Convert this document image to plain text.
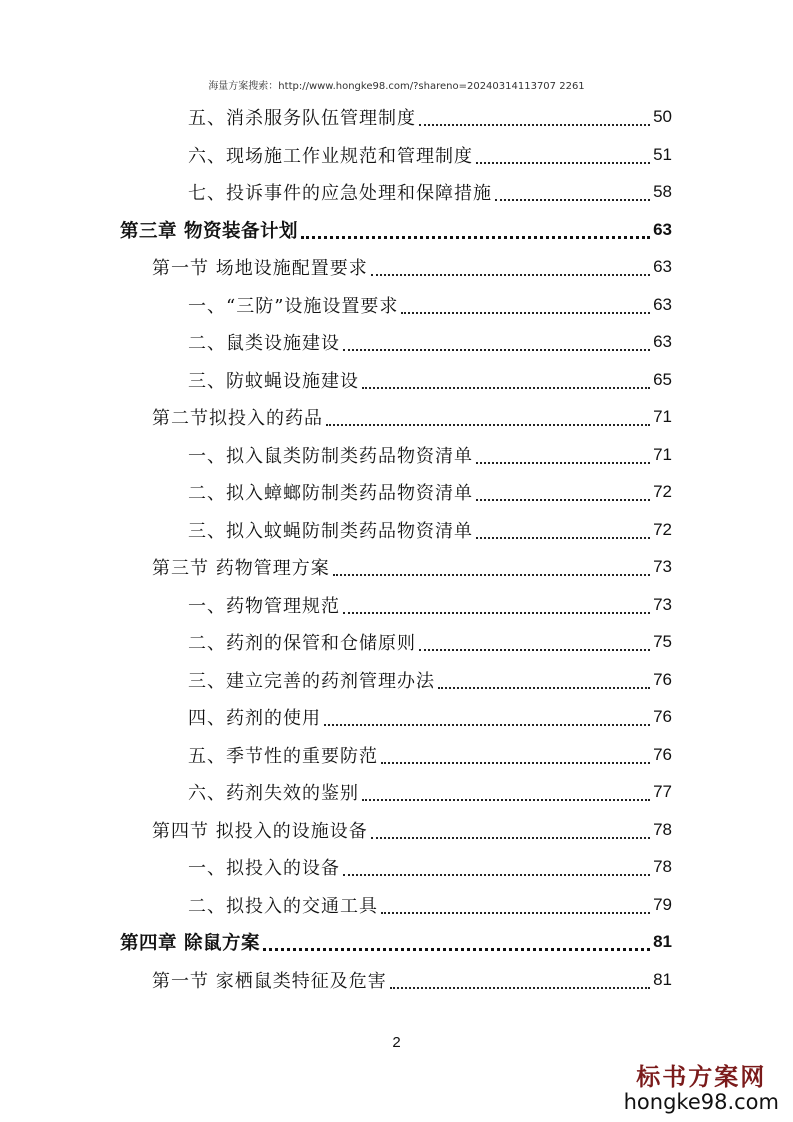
海量方案搜索：http://www.hongke98.com/?shareno=20240314113707 2261
五、消杀服务队伍管理制度	50
六、现场施工作业规范和管理制度	51
七、投诉事件的应急处理和保障措施	58
第三章 物资装备计划	63
第一节 场地设施配置要求	63
一、“三防”设施设置要求	63
二、鼠类设施建设	63
三、防蚊蝇设施建设	65
第二节拟投入的药品	71
一、拟入鼠类防制类药品物资清单	71
二、拟入蟑螂防制类药品物资清单	72
三、拟入蚊蝇防制类药品物资清单	72
第三节 药物管理方案	73
一、药物管理规范	73
二、药剂的保管和仓储原则	75
三、建立完善的药剂管理办法	76
四、药剂的使用	76
五、季节性的重要防范	76
六、药剂失效的鉴别	77
第四节 拟投入的设施设备	78
一、拟投入的设备	78
二、拟投入的交通工具	79
第四章 除鼠方案	81
第一节 家栖鼠类特征及危害	81
2
标书方案网
hongke98.com
